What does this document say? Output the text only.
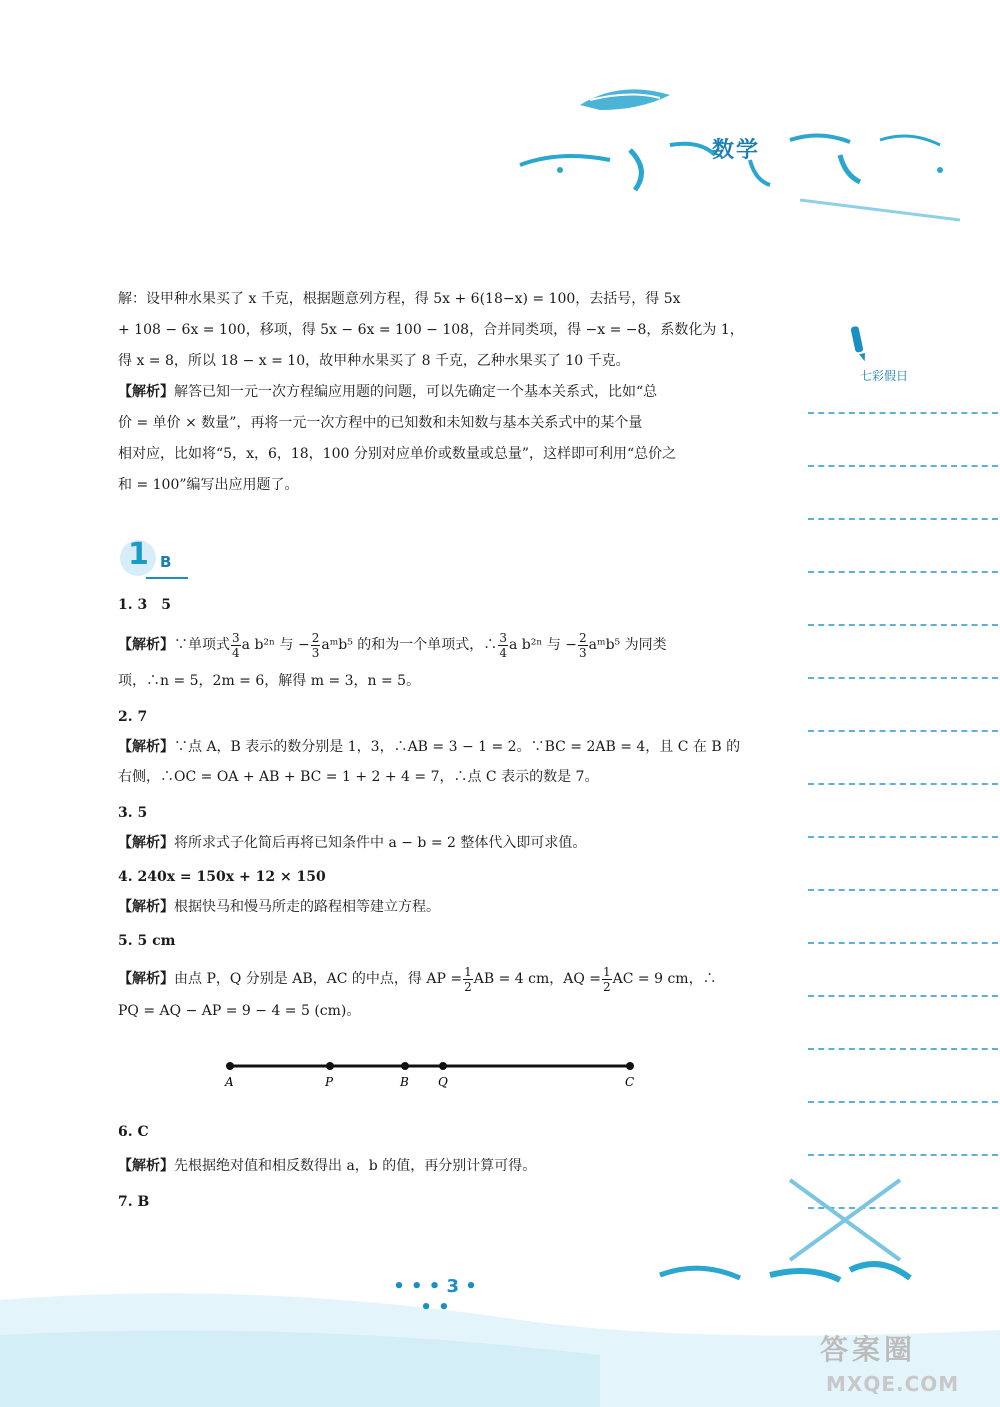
数学

解：设甲种水果买了 x 千克，根据题意列方程，得 5x + 6(18−x) = 100，去括号，得 5x

+ 108 − 6x = 100，移项，得 5x − 6x = 100 − 108，合并同类项，得 −x = −8，系数化为 1，

得 x = 8，所以 18 − x = 10，故甲种水果买了 8 千克，乙种水果买了 10 千克。

【解析】解答已知一元一次方程编应用题的问题，可以先确定一个基本关系式，比如“总

价 = 单价 × 数量”，再将一元一次方程中的已知数和未知数与基本关系式中的某个量

相对应，比如将“5，x，6，18，100 分别对应单价或数量或总量”，这样即可利用“总价之

和 = 100”编写出应用题了。

1 B

1. 3　5

【解析】∵单项式 $\frac{3}{4}$ a b²ⁿ 与 − $\frac{2}{3}$ aᵐb⁵ 的和为一个单项式，∴ $\frac{3}{4}$ a b²ⁿ 与 − $\frac{2}{3}$ aᵐb⁵ 为同类

项，∴n = 5，2m = 6，解得 m = 3，n = 5。

2. 7

【解析】∵点 A，B 表示的数分别是 1，3，∴AB = 3 − 1 = 2。∵BC = 2AB = 4，且 C 在 B 的

右侧，∴OC = OA + AB + BC = 1 + 2 + 4 = 7，∴点 C 表示的数是 7。

3. 5

【解析】将所求式子化简后再将已知条件中 a − b = 2 整体代入即可求值。

4. 240x = 150x + 12 × 150

【解析】根据快马和慢马所走的路程相等建立方程。

5. 5 cm

【解析】由点 P，Q 分别是 AB，AC 的中点，得 AP = $\frac{1}{2}$ AB = 4 cm，AQ = $\frac{1}{2}$ AC = 9 cm，∴

PQ = AQ − AP = 9 − 4 = 5 (cm)。

A	P	B Q	C

6. C

【解析】先根据绝对值和相反数得出 a，b 的值，再分别计算可得。

7. B

七彩假日
• • • 3 • • •
答案圈
MXQE.COM
